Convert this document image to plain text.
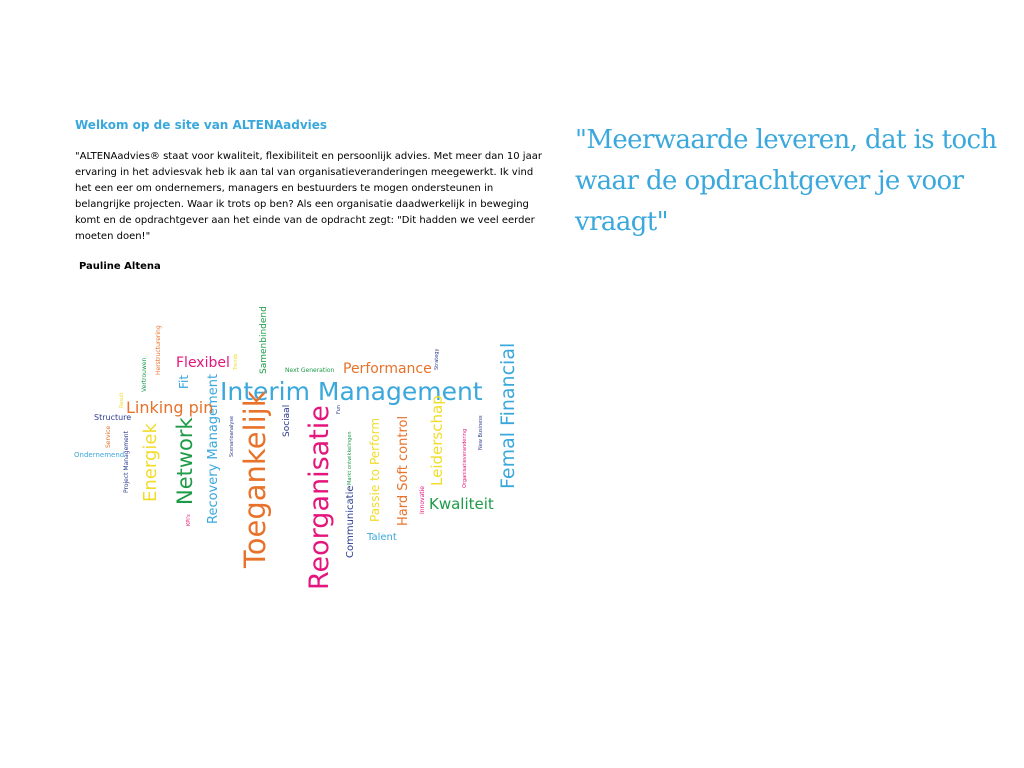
Welkom op de site van ALTENAadvies

"ALTENAadvies® staat voor kwaliteit, flexibiliteit en persoonlijk advies. Met meer dan 10 jaar ervaring in het adviesvak heb ik aan tal van organisatieveranderingen meegewerkt. Ik vind het een eer om ondernemers, managers en bestuurders te mogen ondersteunen in belangrijke projecten. Waar ik trots op ben? Als een organisatie daadwerkelijk in beweging komt en de opdrachtgever aan het einde van de opdracht zegt: "Dit hadden we veel eerder moeten doen!"

Pauline Altena

"Meerwaarde leveren, dat is toch waar de opdrachtgever je voor vraagt"

Interim Management
Toegankelijk Reorganisatie	Femal Financial
Network
Energiek	Recovery Management
Linking pin
Flexibel	Performance
Leiderschap
Kwaliteit
Hard Soft control
Passie to Perform
Communicatie
Samenbindend
Fit
Sociaal
Talent
Structure
Service
Ondernemend
Project Management
Vertrouwen Herstructurering	Next Generation
Strategy
Scenarioanalyse
KPI's
Innovatie
Organisatieverandering New Business
Markt ontwikkelingen
Fun
Result
Trends
